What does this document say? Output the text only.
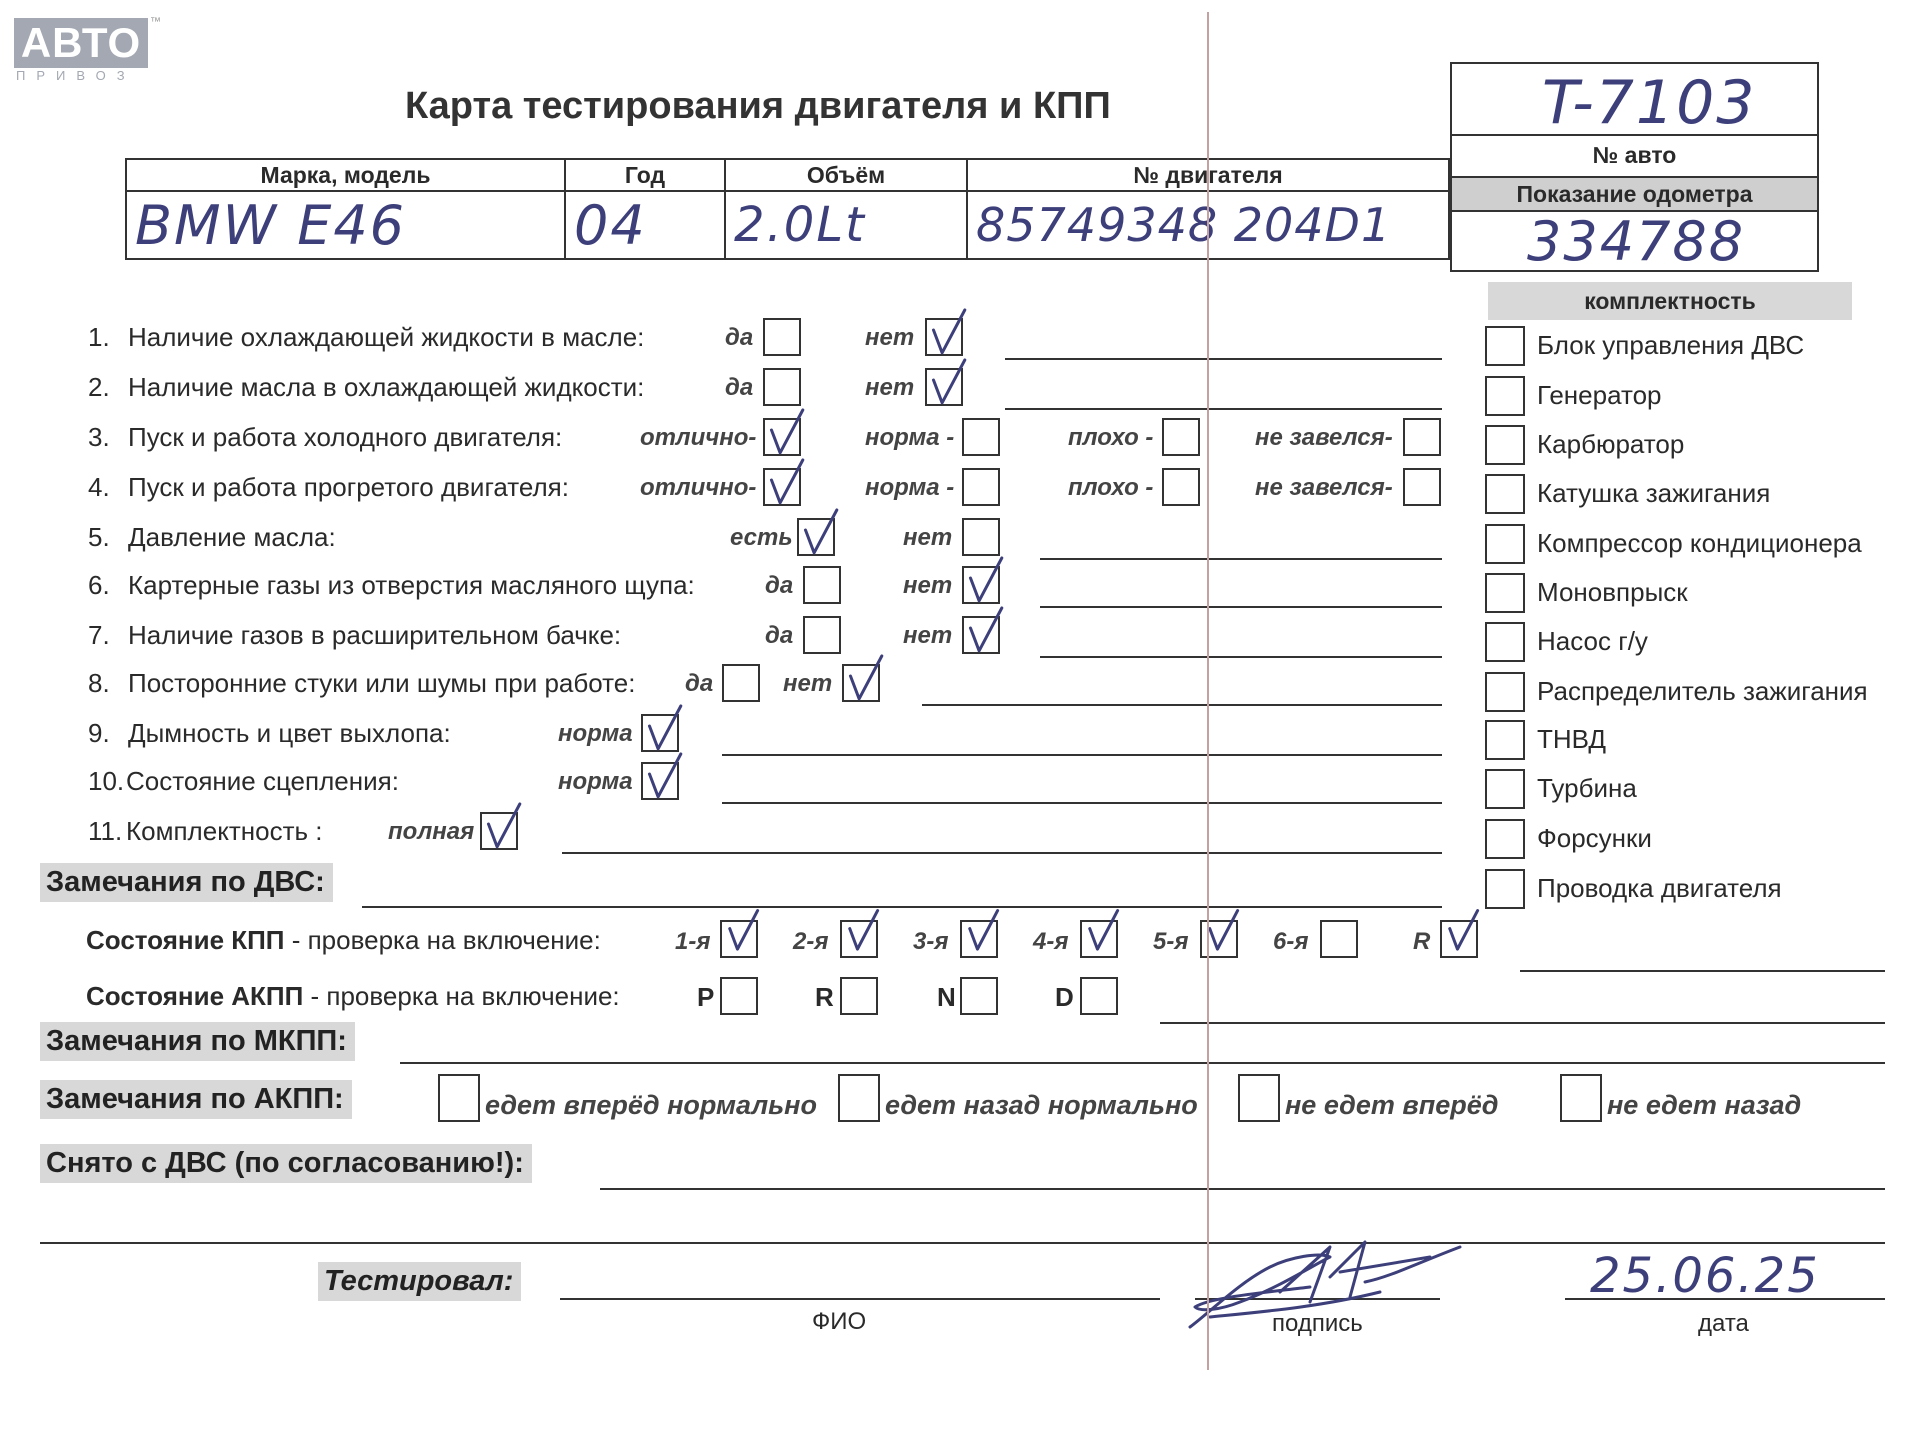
АВТО ™
ПРИВОЗ
Карта тестирования двигателя и КПП
Марка, модель	Год	Объём	№ двигателя
BMW E46	04	2.0Lt	85749348 204D1
T-7103
№ авто
Показание одометра
334788
комплектность
Блок управления ДВС
Генератор
Карбюратор
Катушка зажигания
Компрессор кондиционера
Моновпрыск
Насос г/у
Распределитель зажигания
ТНВД
Турбина
Форсунки
Проводка двигателя
1. Наличие охлаждающей жидкости в масле:	да	нет
2. Наличие масла в охлаждающей жидкости:	да	нет
3. Пуск и работа холодного двигателя:	отлично-	норма -	плохо -	не завелся-
4. Пуск и работа прогретого двигателя:	отлично-	норма -	плохо -	не завелся-
5. Давление масла:	есть	нет
6. Картерные газы из отверстия масляного щупа:	да	нет
7. Наличие газов в расширительном бачке:	да	нет
8. Посторонние стуки или шумы при работе: да	нет
9. Дымность и цвет выхлопа:	норма
10. Состояние сцепления:	норма
11. Комплектность :	полная
Замечания по ДВС:
Состояние КПП - проверка на включение:	1-я	2-я	3-я	4-я	5-я	6-я	R
Состояние АКПП - проверка на включение:	P	R	N	D
Замечания по МКПП:
Замечания по АКПП:	едет вперёд нормально	едет назад нормально	не едет вперёд	не едет назад
Снято с ДВС (по согласованию!):
Тестировал:
ФИО	подпись	дата
25.06.25
